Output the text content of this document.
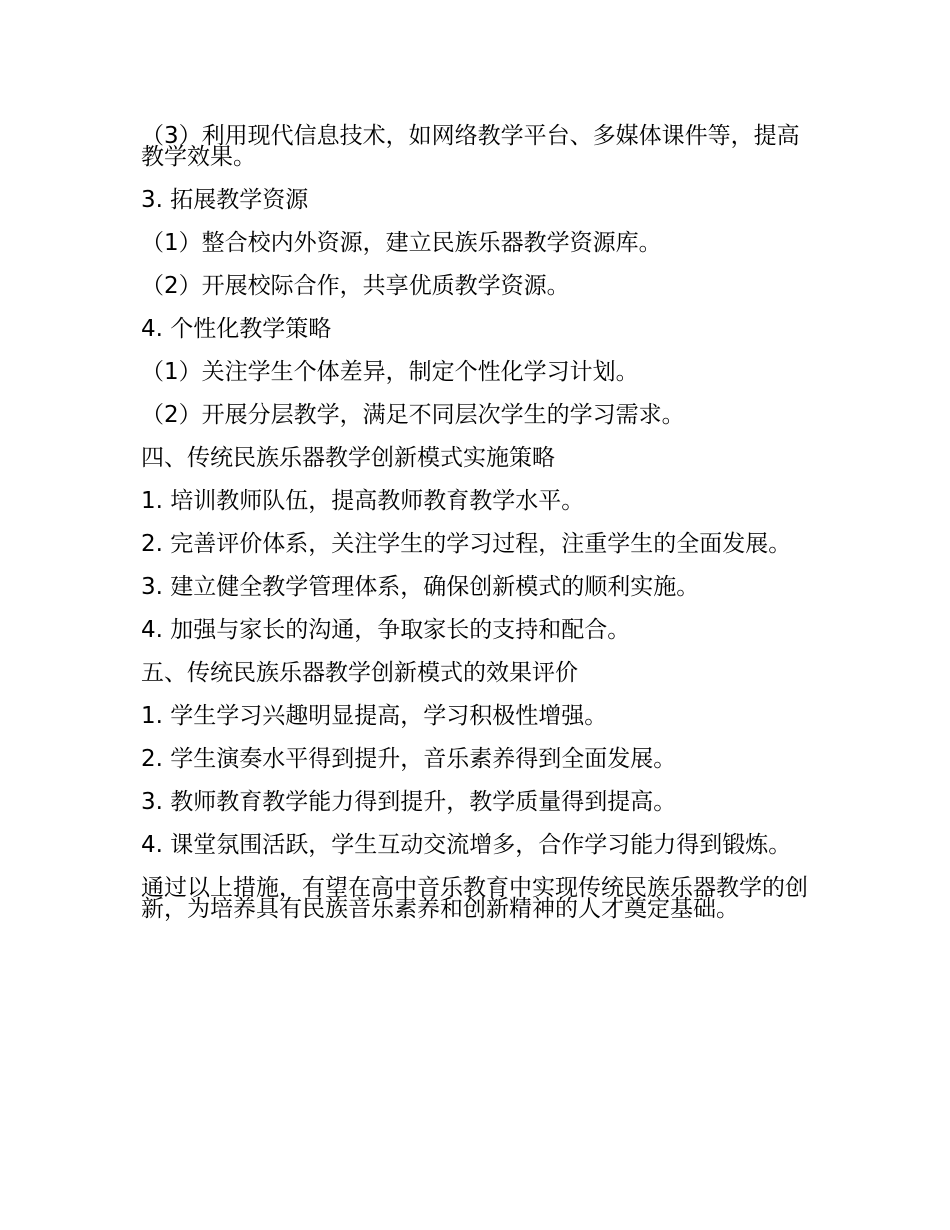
（3）利用现代信息技术，如网络教学平台、多媒体课件等，提高教学效果。

3. 拓展教学资源

（1）整合校内外资源，建立民族乐器教学资源库。

（2）开展校际合作，共享优质教学资源。

4. 个性化教学策略

（1）关注学生个体差异，制定个性化学习计划。

（2）开展分层教学，满足不同层次学生的学习需求。

四、传统民族乐器教学创新模式实施策略

1. 培训教师队伍，提高教师教育教学水平。

2. 完善评价体系，关注学生的学习过程，注重学生的全面发展。

3. 建立健全教学管理体系，确保创新模式的顺利实施。

4. 加强与家长的沟通，争取家长的支持和配合。

五、传统民族乐器教学创新模式的效果评价

1. 学生学习兴趣明显提高，学习积极性增强。

2. 学生演奏水平得到提升，音乐素养得到全面发展。

3. 教师教育教学能力得到提升，教学质量得到提高。

4. 课堂氛围活跃，学生互动交流增多，合作学习能力得到锻炼。

通过以上措施，有望在高中音乐教育中实现传统民族乐器教学的创新，为培养具有民族音乐素养和创新精神的人才奠定基础。
